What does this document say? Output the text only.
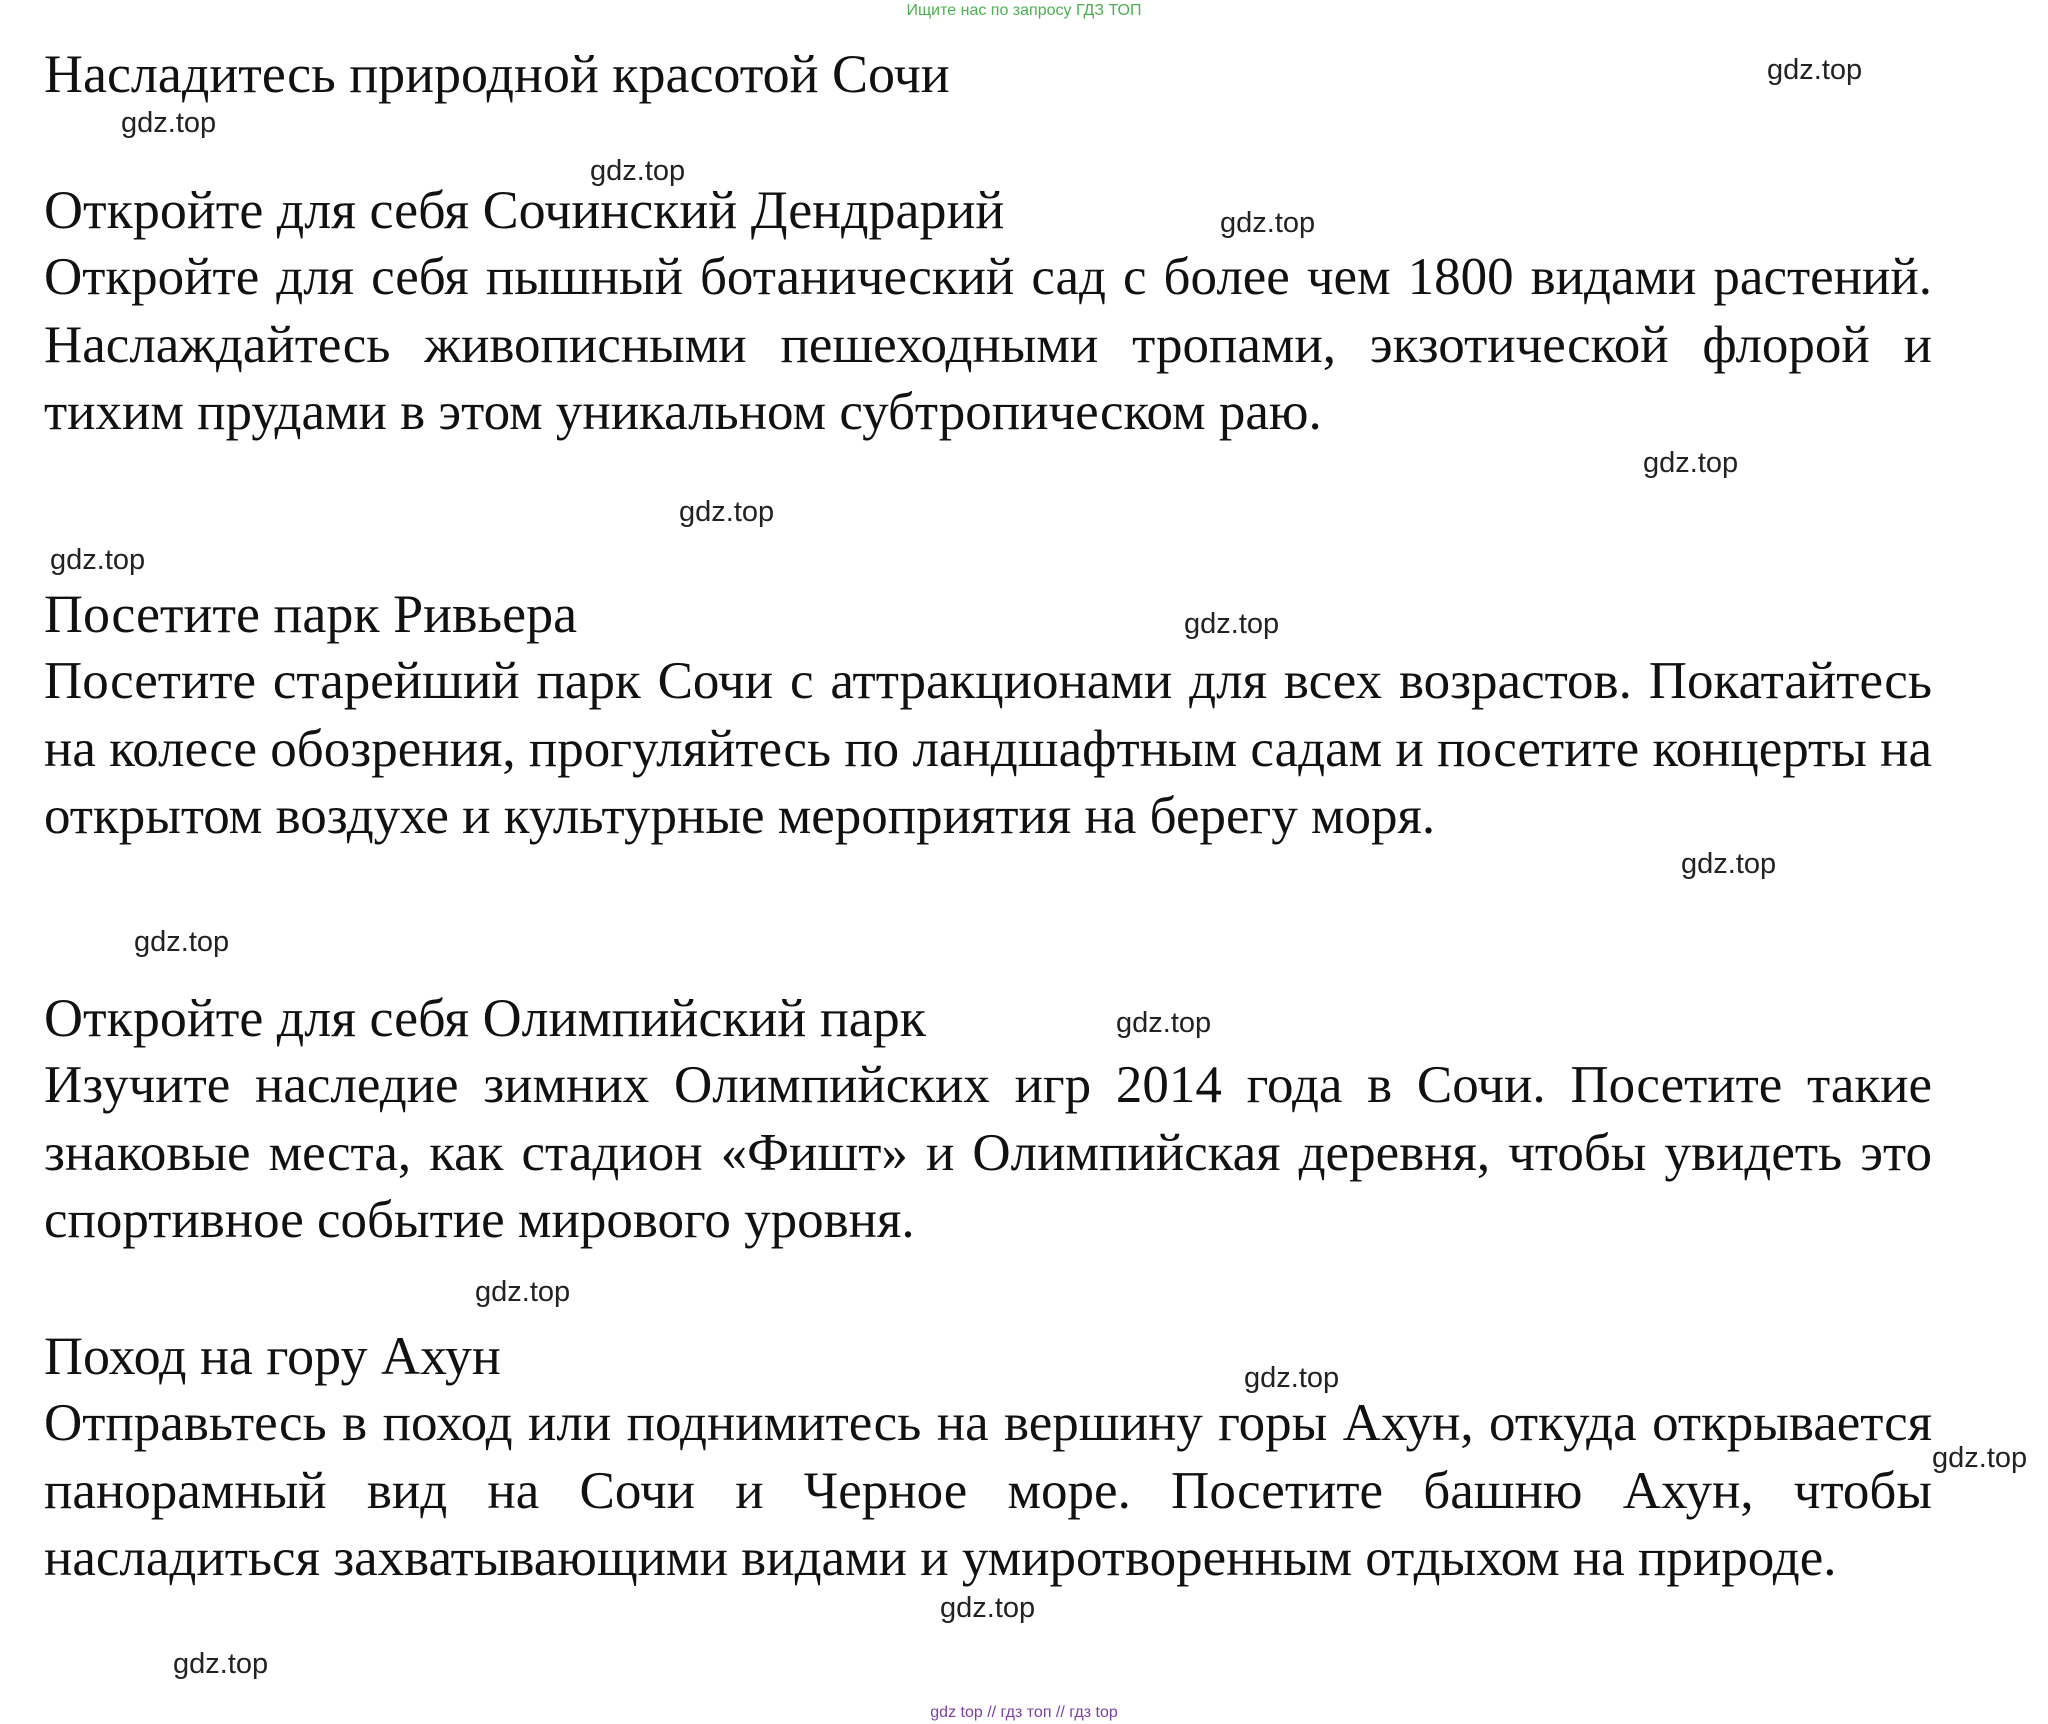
Ищите нас по запросу ГДЗ ТОП
Насладитесь природной красотой Сочи
Откройте для себя Сочинский Дендрарий

Откройте для себя пышный ботанический сад с более чем 1800 видами растений. Наслаждайтесь живописными пешеходными тропами, экзотической флорой и тихим прудами в этом уникальном субтропическом раю.

Посетите парк Ривьера

Посетите старейший парк Сочи с аттракционами для всех возрастов. Покатайтесь на колесе обозрения, прогуляйтесь по ландшафтным садам и посетите концерты на открытом воздухе и культурные мероприятия на берегу моря.

Откройте для себя Олимпийский парк

Изучите наследие зимних Олимпийских игр 2014 года в Сочи. Посетите такие знаковые места, как стадион «Фишт» и Олимпийская деревня, чтобы увидеть это спортивное событие мирового уровня.

Поход на гору Ахун

Отправьтесь в поход или поднимитесь на вершину горы Ахун, откуда открывается панорамный вид на Сочи и Черное море. Посетите башню Ахун, чтобы насладиться захватывающими видами и умиротворенным отдыхом на природе.

gdz.top
gdz.top
gdz.top
gdz.top
gdz.top
gdz.top
gdz.top
gdz.top
gdz.top
gdz.top
gdz.top
gdz.top
gdz.top
gdz.top
gdz.top
gdz.top
gdz top // гдз топ // гдз top
